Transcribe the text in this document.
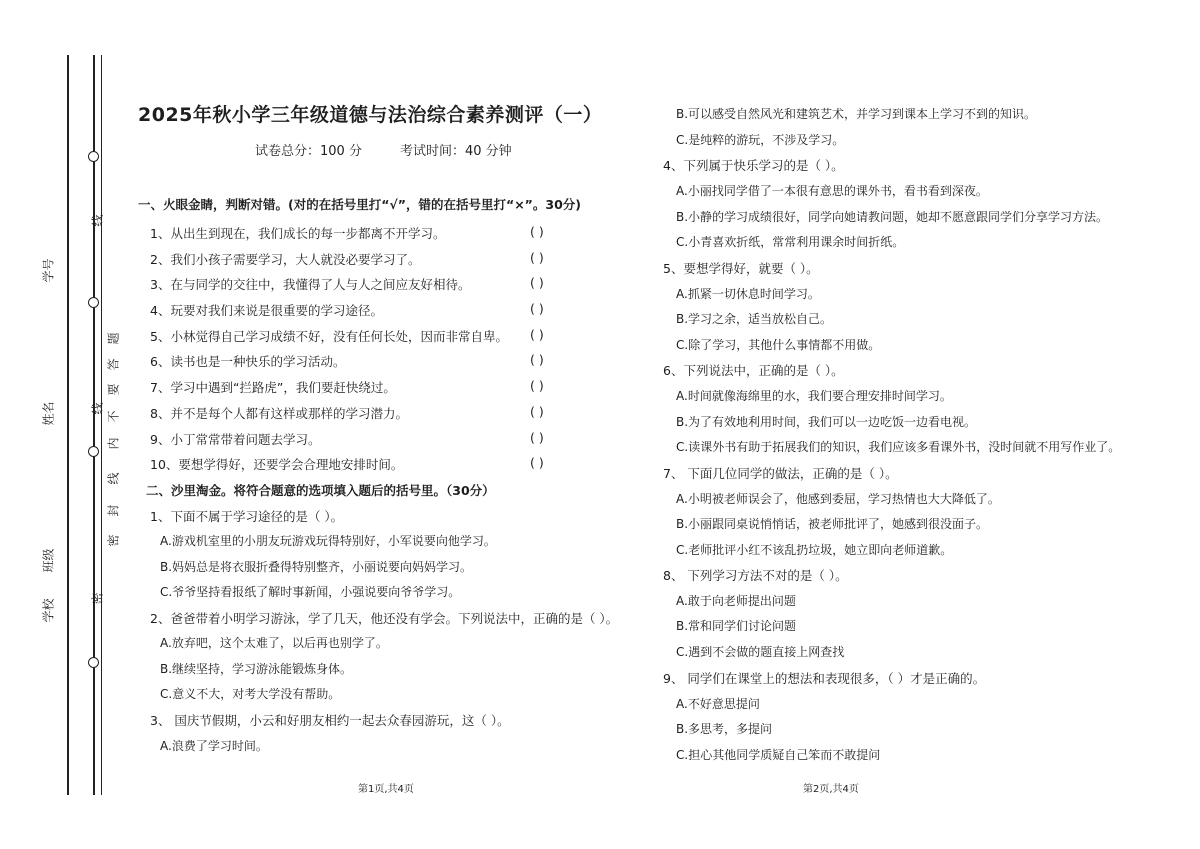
学号
姓名
班级
学校
线
题
答
要
不
内
线
封
密
线
密
2025年秋小学三年级道德与法治综合素养测评（一）
试卷总分：100 分	考试时间：40 分钟
一、火眼金睛，判断对错。(对的在括号里打“√”，错的在括号里打“×”。30分)
1、从出生到现在，我们成长的每一步都离不开学习。
2、我们小孩子需要学习，大人就没必要学习了。
3、在与同学的交往中，我懂得了人与人之间应友好相待。
4、玩要对我们来说是很重要的学习途径。
5、小林觉得自己学习成绩不好，没有任何长处，因而非常自卑。
6、读书也是一种快乐的学习活动。
7、学习中遇到“拦路虎”，我们要赶快绕过。
8、并不是每个人都有这样或那样的学习潜力。
9、小丁常常带着问题去学习。
10、要想学得好，还要学会合理地安排时间。
( )
( )
( )
( )
( )
( )
( )
( )
( )
( )
二、沙里淘金。将符合题意的选项填入题后的括号里。（30分）
1、下面不属于学习途径的是（ ）。
A.游戏机室里的小朋友玩游戏玩得特别好，小军说要向他学习。
B.妈妈总是将衣服折叠得特别整齐，小丽说要向妈妈学习。
C.爷爷坚持看报纸了解时事新闻，小强说要向爷爷学习。
2、爸爸带着小明学习游泳，学了几天，他还没有学会。下列说法中，正确的是（ ）。
A.放弃吧，这个太难了，以后再也别学了。
B.继续坚持，学习游泳能锻炼身体。
C.意义不大，对考大学没有帮助。
3、 国庆节假期，小云和好朋友相约一起去众春园游玩，这（ ）。
A.浪费了学习时间。
第1页,共4页
B.可以感受自然风光和建筑艺术，并学习到课本上学习不到的知识。
C.是纯粹的游玩，不涉及学习。
4、下列属于快乐学习的是（ ）。
A.小丽找同学借了一本很有意思的课外书，看书看到深夜。
B.小静的学习成绩很好，同学向她请教问题，她却不愿意跟同学们分享学习方法。
C.小青喜欢折纸，常常利用课余时间折纸。
5、要想学得好，就要（ ）。
A.抓紧一切休息时间学习。
B.学习之余，适当放松自己。
C.除了学习，其他什么事情都不用做。
6、下列说法中，正确的是（ ）。
A.时间就像海绵里的水，我们要合理安排时间学习。
B.为了有效地利用时间，我们可以一边吃饭一边看电视。
C.读课外书有助于拓展我们的知识，我们应该多看课外书，没时间就不用写作业了。
7、 下面几位同学的做法，正确的是（ ）。
A.小明被老师误会了，他感到委屈，学习热情也大大降低了。
B.小丽跟同桌说悄悄话，被老师批评了，她感到很没面子。
C.老师批评小红不该乱扔垃圾，她立即向老师道歉。
8、 下列学习方法不对的是（ ）。
A.敢于向老师提出问题
B.常和同学们讨论问题
C.遇到不会做的题直接上网查找
9、 同学们在课堂上的想法和表现很多，（ ）才是正确的。
A.不好意思提问
B.多思考，多提问
C.担心其他同学质疑自己笨而不敢提问
第2页,共4页
